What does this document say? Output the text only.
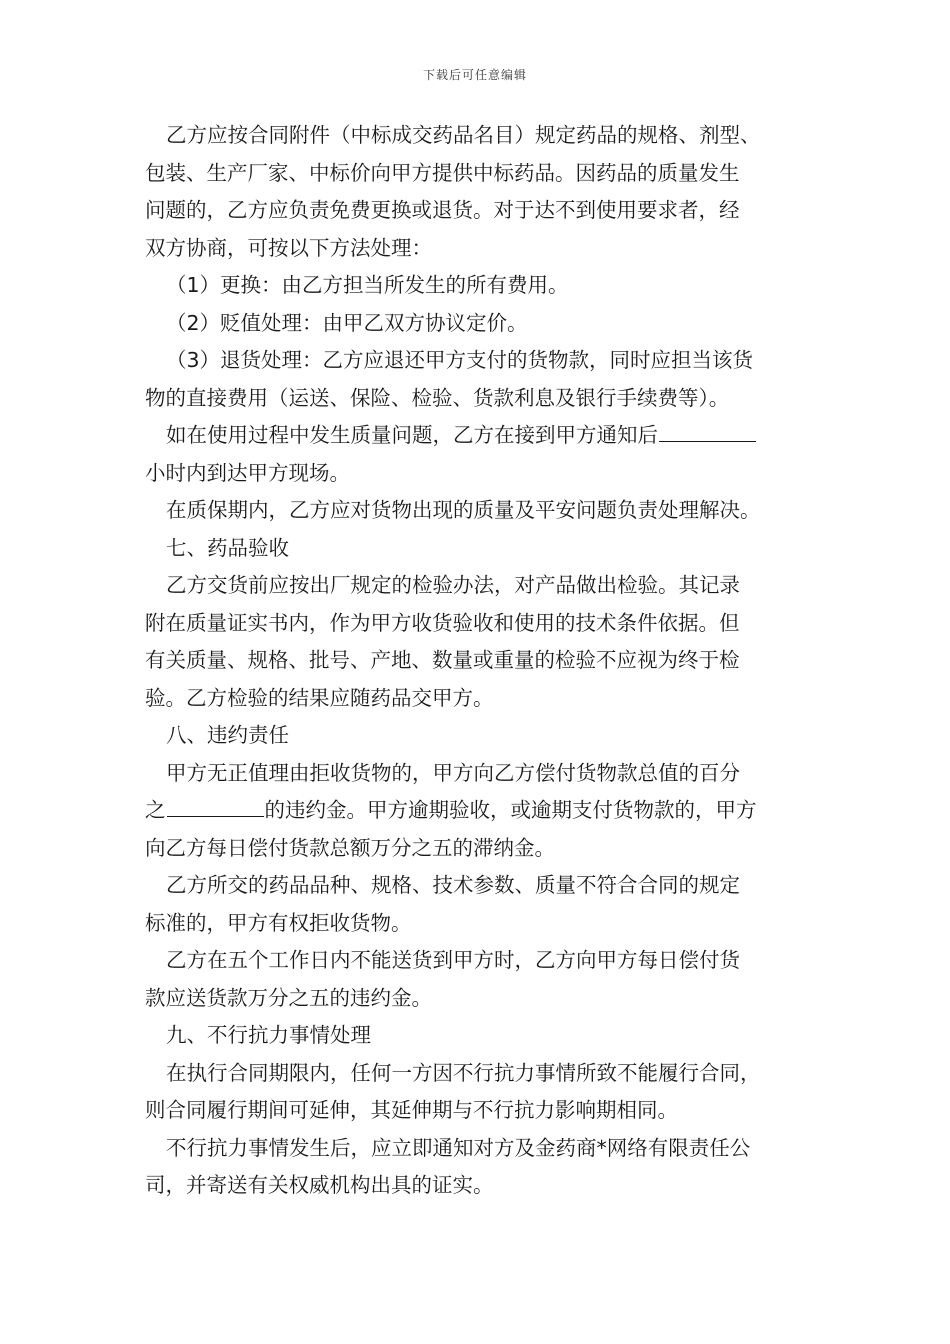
下载后可任意编辑
乙方应按合同附件（中标成交药品名目）规定药品的规格、剂型、
包装、生产厂家、中标价向甲方提供中标药品。因药品的质量发生
问题的，乙方应负责免费更换或退货。对于达不到使用要求者，经
双方协商，可按以下方法处理：
（1）更换：由乙方担当所发生的所有费用。
（2）贬值处理：由甲乙双方协议定价。
（3）退货处理：乙方应退还甲方支付的货物款，同时应担当该货
物的直接费用（运送、保险、检验、货款利息及银行手续费等）。
如在使用过程中发生质量问题，乙方在接到甲方通知后
小时内到达甲方现场。
在质保期内，乙方应对货物出现的质量及平安问题负责处理解决。
七、药品验收
乙方交货前应按出厂规定的检验办法，对产品做出检验。其记录
附在质量证实书内，作为甲方收货验收和使用的技术条件依据。但
有关质量、规格、批号、产地、数量或重量的检验不应视为终于检
验。乙方检验的结果应随药品交甲方。
八、违约责任
甲方无正值理由拒收货物的，甲方向乙方偿付货物款总值的百分
之	的违约金。甲方逾期验收，或逾期支付货物款的，甲方
向乙方每日偿付货款总额万分之五的滞纳金。
乙方所交的药品品种、规格、技术参数、质量不符合合同的规定
标准的，甲方有权拒收货物。
乙方在五个工作日内不能送货到甲方时，乙方向甲方每日偿付货
款应送货款万分之五的违约金。
九、不行抗力事情处理
在执行合同期限内，任何一方因不行抗力事情所致不能履行合同，
则合同履行期间可延伸，其延伸期与不行抗力影响期相同。
不行抗力事情发生后，应立即通知对方及金药商*网络有限责任公
司，并寄送有关权威机构出具的证实。
